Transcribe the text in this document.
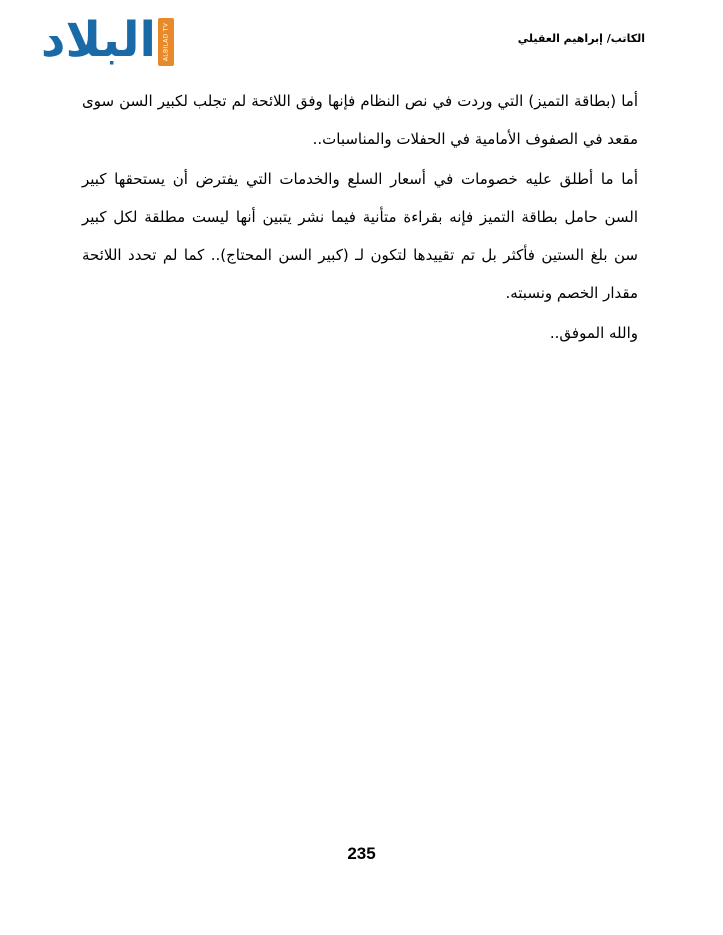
البلاد ALBILAD TV	الكاتب/ إبراهيم العقيلي

أما (بطاقة التميز) التي وردت في نص النظام فإنها وفق اللائحة لم تجلب لكبير السن سوى مقعد في الصفوف الأمامية في الحفلات والمناسبات..

أما ما أطلق عليه خصومات في أسعار السلع والخدمات التي يفترض أن يستحقها كبير السن حامل بطاقة التميز فإنه بقراءة متأنية فيما نشر يتبين أنها ليست مطلقة لكل كبير سن بلغ الستين فأكثر بل تم تقييدها لتكون لـ (كبير السن المحتاج).. كما لم تحدد اللائحة مقدار الخصم ونسبته.

والله الموفق..

235
